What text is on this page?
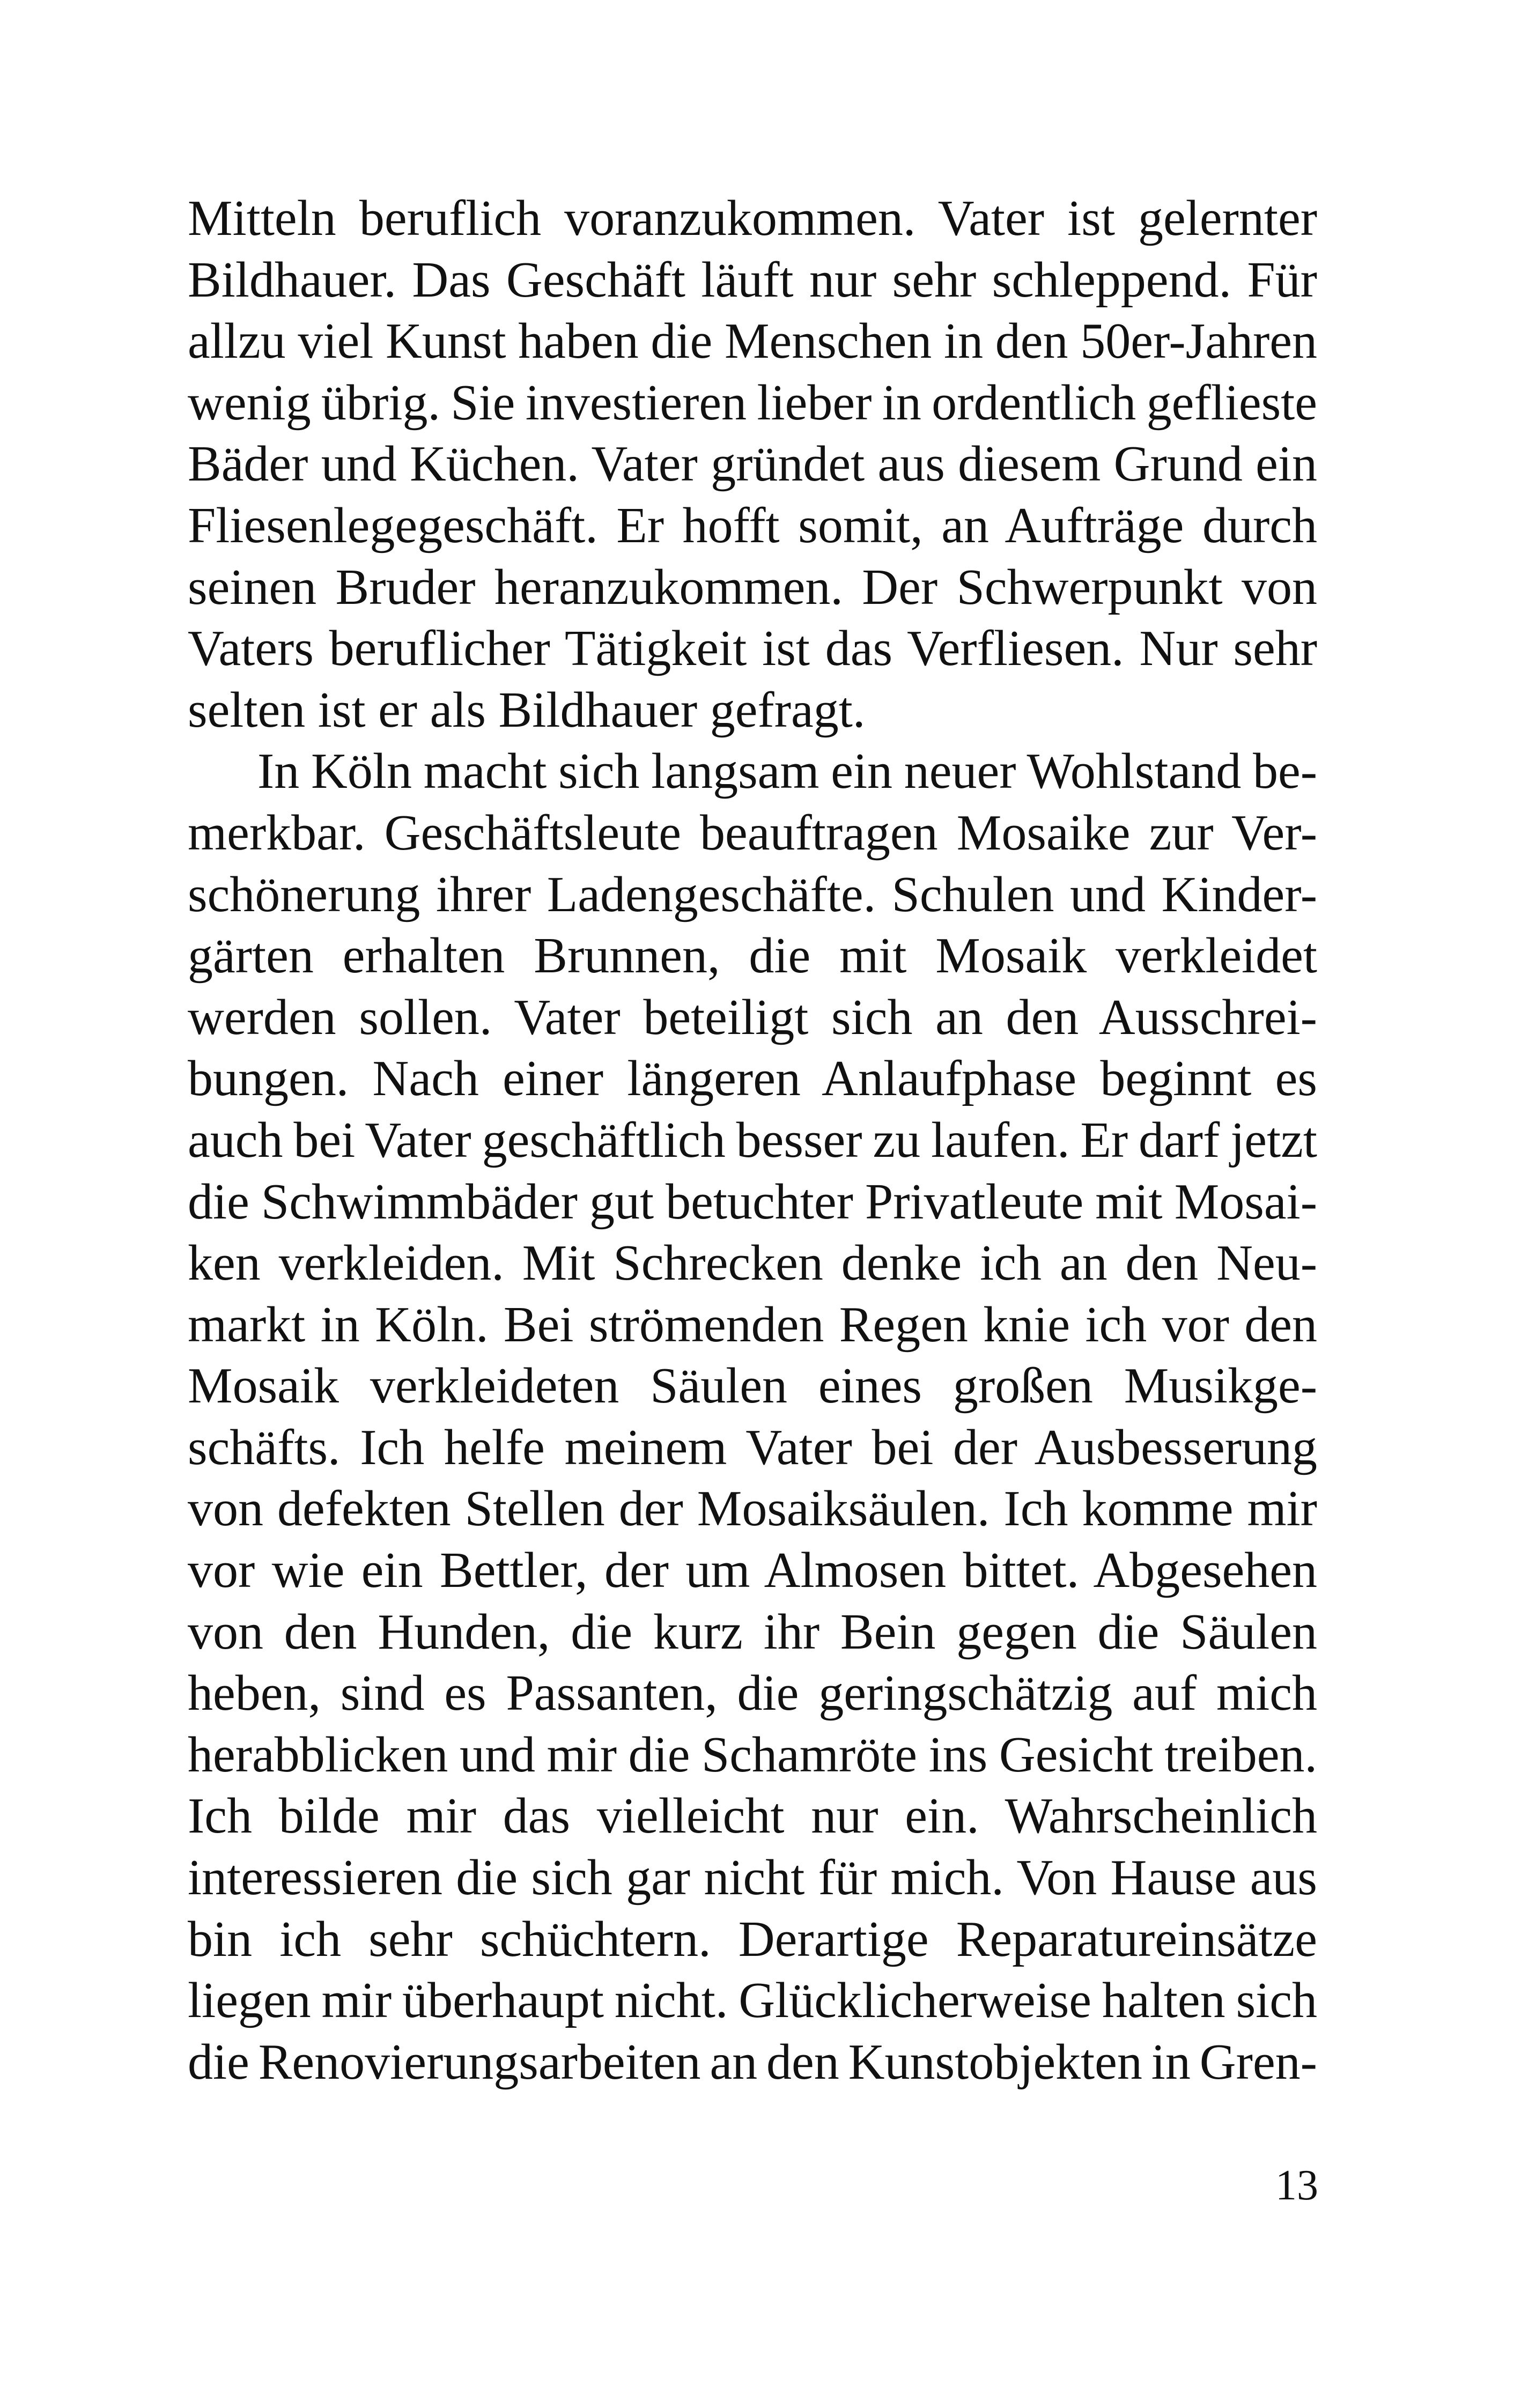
Mitteln beruflich voranzukommen. Vater ist gelernter
Bildhauer. Das Geschäft läuft nur sehr schleppend. Für
allzu viel Kunst haben die Menschen in den 50er-Jahren
wenig übrig. Sie investieren lieber in ordentlich geflieste
Bäder und Küchen. Vater gründet aus diesem Grund ein
Fliesenlegegeschäft. Er hofft somit, an Aufträge durch
seinen Bruder heranzukommen. Der Schwerpunkt von
Vaters beruflicher Tätigkeit ist das Verfliesen. Nur sehr
selten ist er als Bildhauer gefragt.
In Köln macht sich langsam ein neuer Wohlstand be-
merkbar. Geschäftsleute beauftragen Mosaike zur Ver-
schönerung ihrer Ladengeschäfte. Schulen und Kinder-
gärten erhalten Brunnen, die mit Mosaik verkleidet
werden sollen. Vater beteiligt sich an den Ausschrei-
bungen. Nach einer längeren Anlaufphase beginnt es
auch bei Vater geschäftlich besser zu laufen. Er darf jetzt
die Schwimmbäder gut betuchter Privatleute mit Mosai-
ken verkleiden. Mit Schrecken denke ich an den Neu-
markt in Köln. Bei strömenden Regen knie ich vor den
Mosaik verkleideten Säulen eines großen Musikge-
schäfts. Ich helfe meinem Vater bei der Ausbesserung
von defekten Stellen der Mosaiksäulen. Ich komme mir
vor wie ein Bettler, der um Almosen bittet. Abgesehen
von den Hunden, die kurz ihr Bein gegen die Säulen
heben, sind es Passanten, die geringschätzig auf mich
herabblicken und mir die Schamröte ins Gesicht treiben.
Ich bilde mir das vielleicht nur ein. Wahrscheinlich
interessieren die sich gar nicht für mich. Von Hause aus
bin ich sehr schüchtern. Derartige Reparatureinsätze
liegen mir überhaupt nicht. Glücklicherweise halten sich
die Renovierungsarbeiten an den Kunstobjekten in Gren-
13
